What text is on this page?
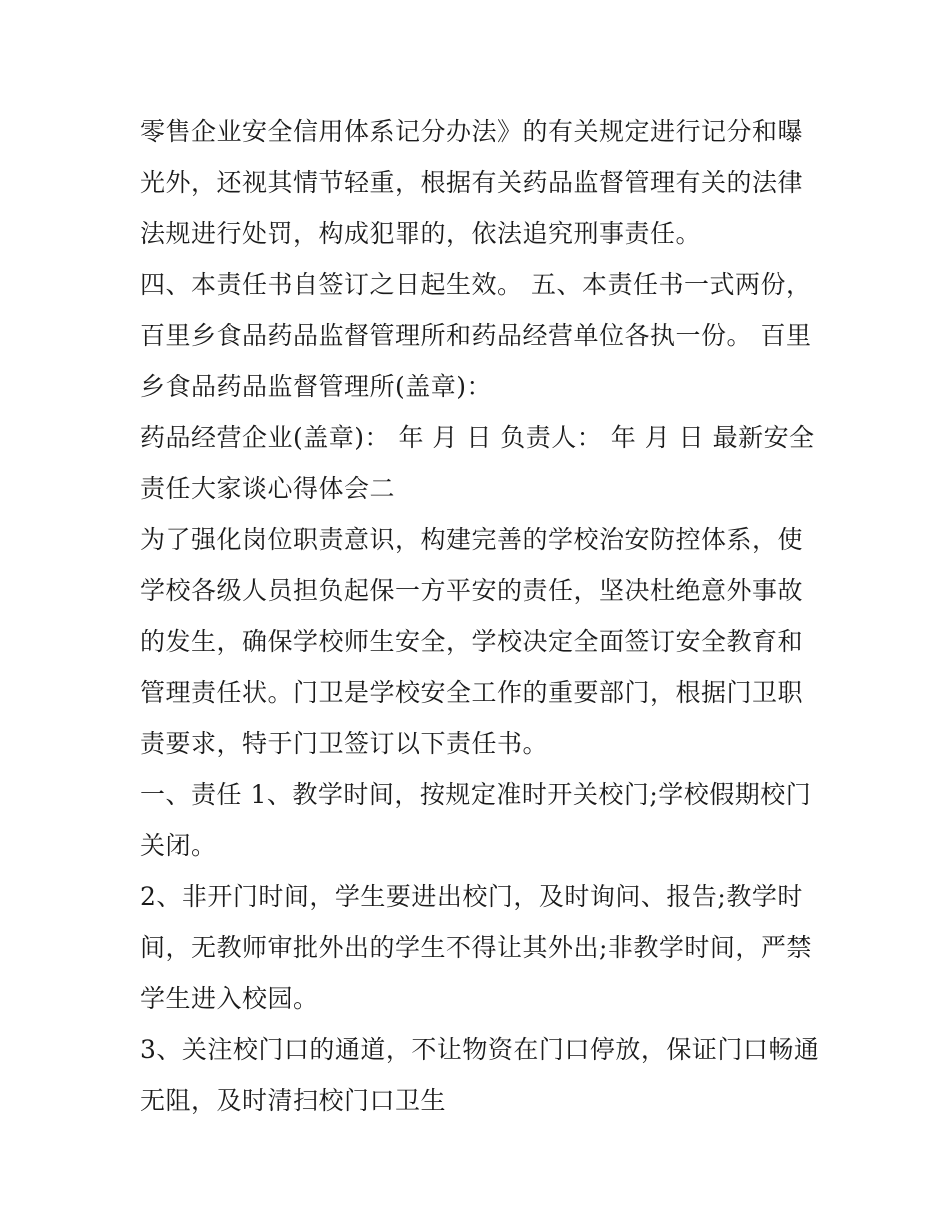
零售企业安全信用体系记分办法》的有关规定进行记分和曝光外，还视其情节轻重，根据有关药品监督管理有关的法律法规进行处罚，构成犯罪的，依法追究刑事责任。

四、本责任书自签订之日起生效。 五、本责任书一式两份，百里乡食品药品监督管理所和药品经营单位各执一份。 百里乡食品药品监督管理所(盖章)：

药品经营企业(盖章)： 年 月 日 负责人： 年 月 日 最新安全责任大家谈心得体会二

为了强化岗位职责意识，构建完善的学校治安防控体系，使学校各级人员担负起保一方平安的责任，坚决杜绝意外事故的发生，确保学校师生安全，学校决定全面签订安全教育和管理责任状。门卫是学校安全工作的重要部门，根据门卫职责要求，特于门卫签订以下责任书。

一、责任 1、教学时间，按规定准时开关校门;学校假期校门关闭。

2、非开门时间，学生要进出校门，及时询问、报告;教学时间，无教师审批外出的学生不得让其外出;非教学时间，严禁学生进入校园。

3、关注校门口的通道，不让物资在门口停放，保证门口畅通无阻，及时清扫校门口卫生
